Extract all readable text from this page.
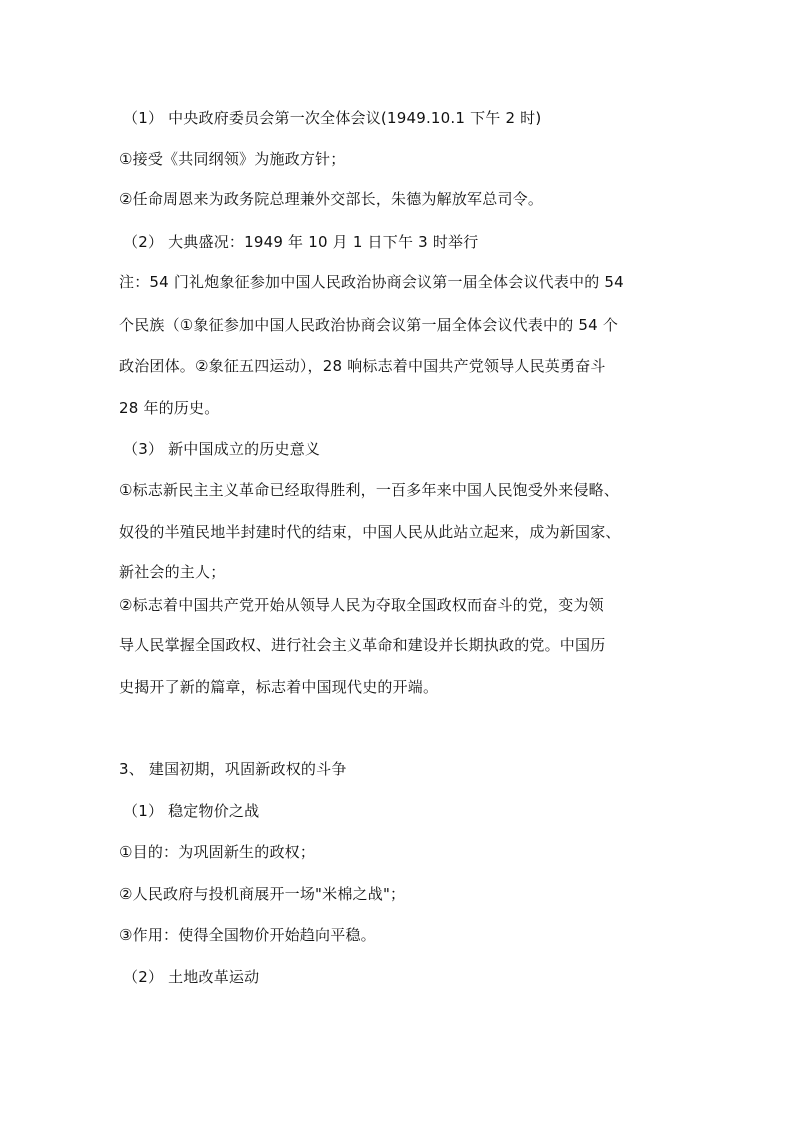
（1） 中央政府委员会第一次全体会议(1949.10.1 下午 2 时)
①接受《共同纲领》为施政方针；
②任命周恩来为政务院总理兼外交部长，朱德为解放军总司令。
（2） 大典盛况：1949 年 10 月 1 日下午 3 时举行
注：54 门礼炮象征参加中国人民政治协商会议第一届全体会议代表中的 54
个民族（①象征参加中国人民政治协商会议第一届全体会议代表中的 54 个
政治团体。②象征五四运动），28 响标志着中国共产党领导人民英勇奋斗
28 年的历史。
（3） 新中国成立的历史意义
①标志新民主主义革命已经取得胜利，一百多年来中国人民饱受外来侵略、
奴役的半殖民地半封建时代的结束，中国人民从此站立起来，成为新国家、
新社会的主人；
②标志着中国共产党开始从领导人民为夺取全国政权而奋斗的党，变为领
导人民掌握全国政权、进行社会主义革命和建设并长期执政的党。中国历
史揭开了新的篇章，标志着中国现代史的开端。
3、 建国初期，巩固新政权的斗争
（1） 稳定物价之战
①目的：为巩固新生的政权；
②人民政府与投机商展开一场"米棉之战"；
③作用：使得全国物价开始趋向平稳。
（2） 土地改革运动
